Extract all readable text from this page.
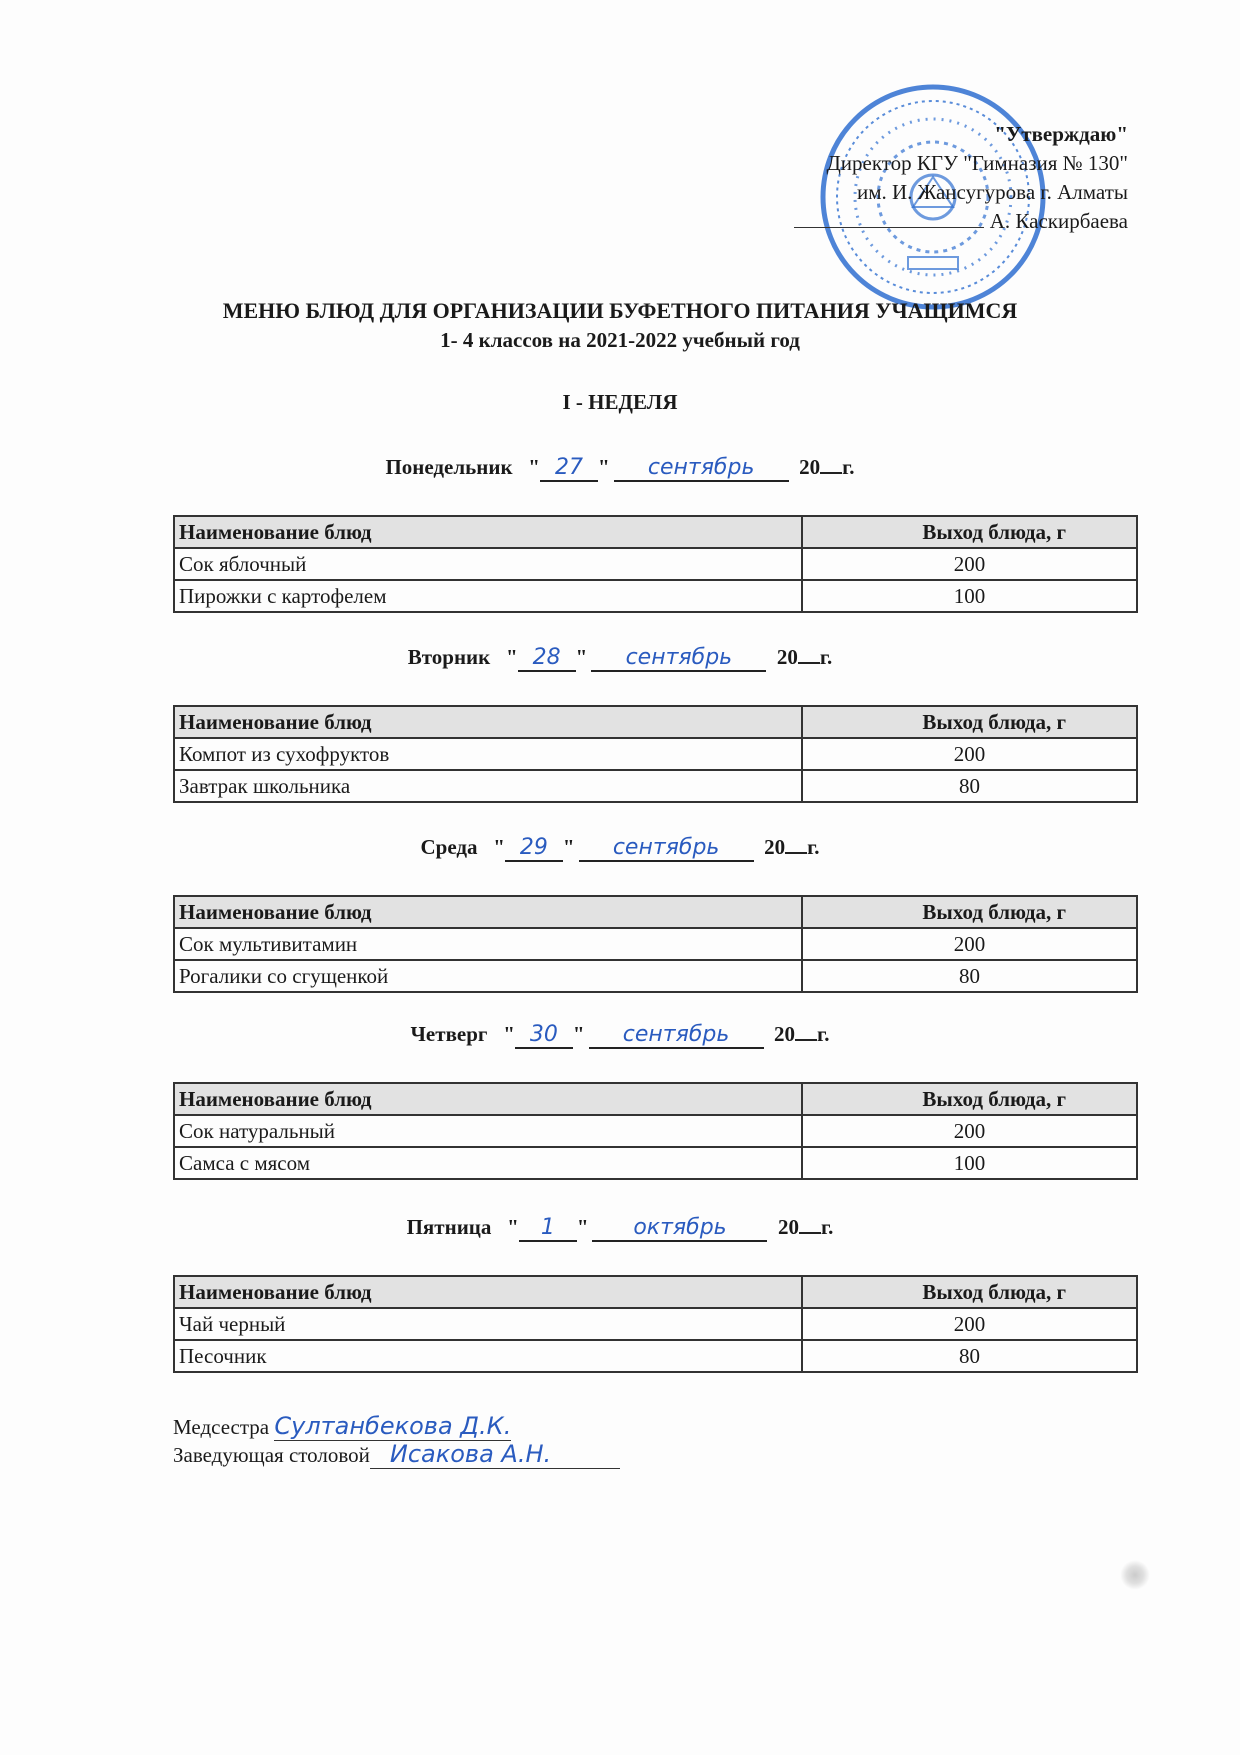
"Утверждаю"
Директор КГУ "Гимназия № 130"
им. И. Жансугурова г. Алматы
А. Каскирбаева
МЕНЮ БЛЮД ДЛЯ ОРГАНИЗАЦИИ БУФЕТНОГО ПИТАНИЯ УЧАЩИМСЯ
1- 4 классов на 2021-2022 учебный год
I - НЕДЕЛЯ
Понедельник   " 27 " сентябрь 20 г.
Наименование блюд	Выход блюда, г
Сок яблочный	200
Пирожки с картофелем	100
Вторник   " 28 " сентябрь 20 г.
Наименование блюд	Выход блюда, г
Компот из сухофруктов	200
Завтрак школьника	80
Среда   " 29 " сентябрь 20 г.
Наименование блюд	Выход блюда, г
Сок мультивитамин	200
Рогалики со сгущенкой	80
Четверг   " 30 " сентябрь 20 г.
Наименование блюд	Выход блюда, г
Сок натуральный	200
Самса с мясом	100
Пятница   " 1 " октябрь 20 г.
Наименование блюд	Выход блюда, г
Чай черный	200
Песочник	80
Медсестра Султанбекова Д.К.
Заведующая столовой Исакова А.Н.
